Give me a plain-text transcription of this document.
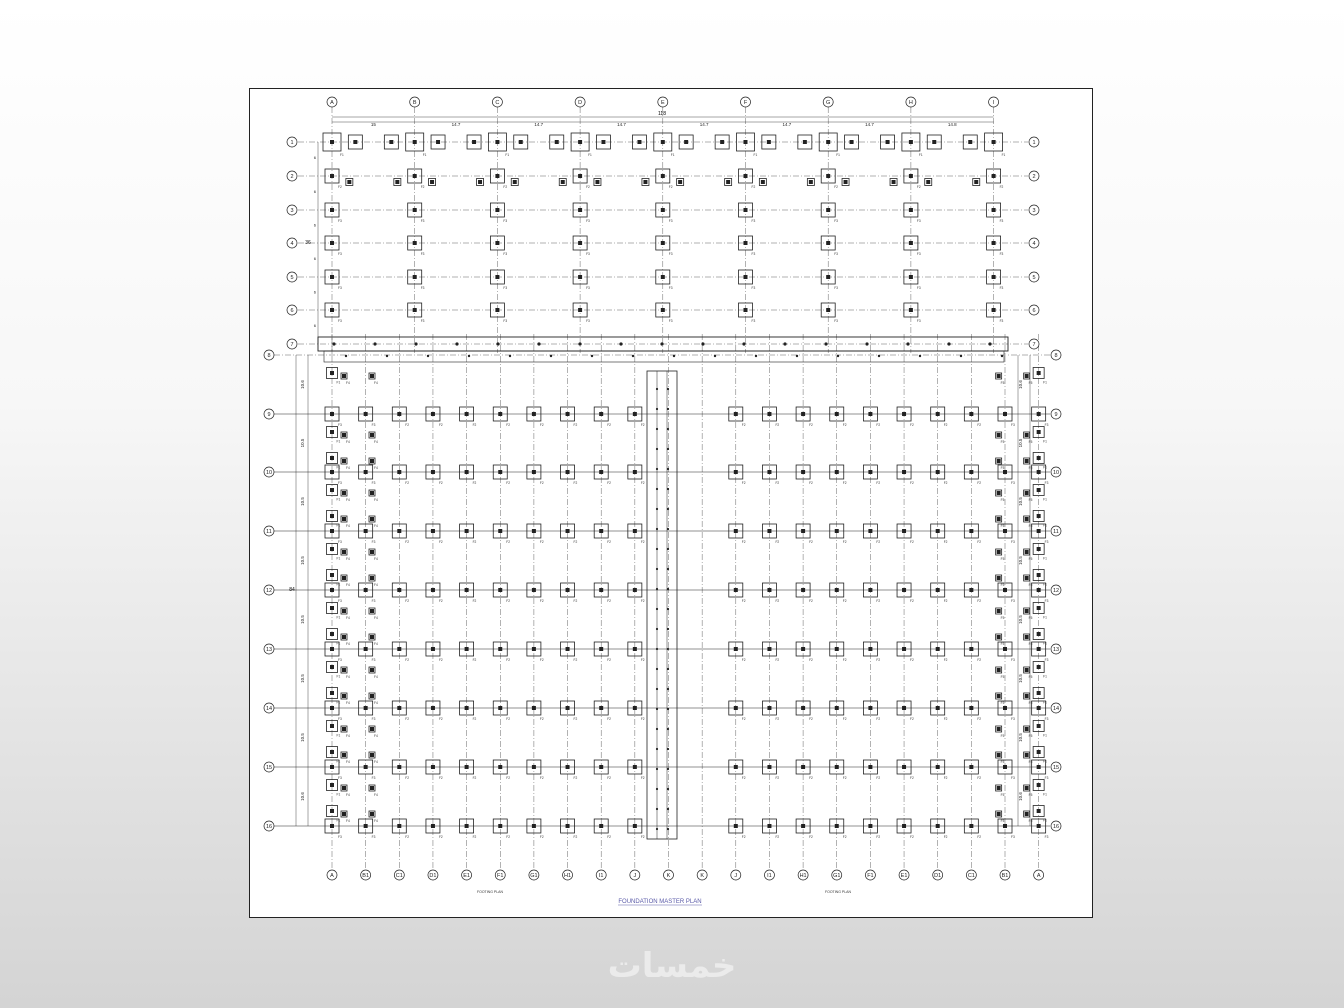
A	B	C	D	E	F	G	H	I
1	1
2	2
3	3
4	4
5	5
6	6
7	7
15	14.7	14.7	14.7	14.7	14.7	14.7	14.8
6
6
6
6
6
6
F1	F1	F1	F1	F1	F1	F1	F1	F1
F2	F2	F2	F2	F2	F2	F2	F2	F2
F3	F3	F3	F3	F3	F3	F3	F3	F3
F3	F3	F3	F3	F3	F3	F3	F3	F3
F3	F3	F3	F3	F3	F3	F3	F3	F3
F3	F3	F3	F3	F3	F3	F3	F3	F3
A	B1	C1	D1	E1	F1	G1	H1	I1	J	K	K	J	I1	H1	G1	F1	E1	D1	C1	B1	A
8	8
9	9
10	10
11	11
12	12
13	13
14	14
15	15
16	16
10.6	10.6
10.5	10.5
10.5	10.5
10.5	10.5
10.5	10.5
10.5	10.5
10.5	10.5
10.6	10.6
F3	F3	F2	F2	F2	F2	F2	F2	F2	F2	F2	F2	F2	F2	F2	F2	F2	F2	F3	F3
F3	F3	F2	F2	F2	F2	F2	F2	F2	F2	F2	F2	F2	F2	F2	F2	F2	F2	F3	F3
F3	F3	F2	F2	F2	F2	F2	F2	F2	F2	F2	F2	F2	F2	F2	F2	F2	F2	F3	F3
F3	F3	F2	F2	F2	F2	F2	F2	F2	F2	F2	F2	F2	F2	F2	F2	F2	F2	F3	F3
F3	F3	F2	F2	F2	F2	F2	F2	F2	F2	F2	F2	F2	F2	F2	F2	F2	F2	F3	F3
F3	F3	F2	F2	F2	F2	F2	F2	F2	F2	F2	F2	F2	F2	F2	F2	F2	F2	F3	F3
F3	F3	F2	F2	F2	F2	F2	F2	F2	F2	F2	F2	F2	F2	F2	F2	F2	F2	F3	F3
F3	F3	F2	F2	F2	F2	F2	F2	F2	F2	F2	F2	F2	F2	F2	F2	F2	F2	F3	F3
F1 F4	F4	F1
F5
F5
F1 F4	F4	F1
F5
F5
F1 F4	F4	F1
F5
F5
F1 F4	F4	F1
F5
F5
F1 F4	F4	F1
F5
F5
F1 F4	F4	F1
F5
F5
F1 F4	F4	F1
F5
F5
F1 F4	F4	F1
F5
F5
F1 F4	F4	F1
F5
F5
F1 F4	F4	F1
F5
F5
F1 F4	F4	F1
F5
F5
F1 F4	F4	F1
F5
F5
F1 F4	F4	F1
F5
F5
F1 F4	F4	F1
F5
F5
F1 F4	F4	F1
F5
F5
FOUNDATION MASTER PLAN
FOOTING PLAN	FOOTING PLAN
118
36
84
خمسات
